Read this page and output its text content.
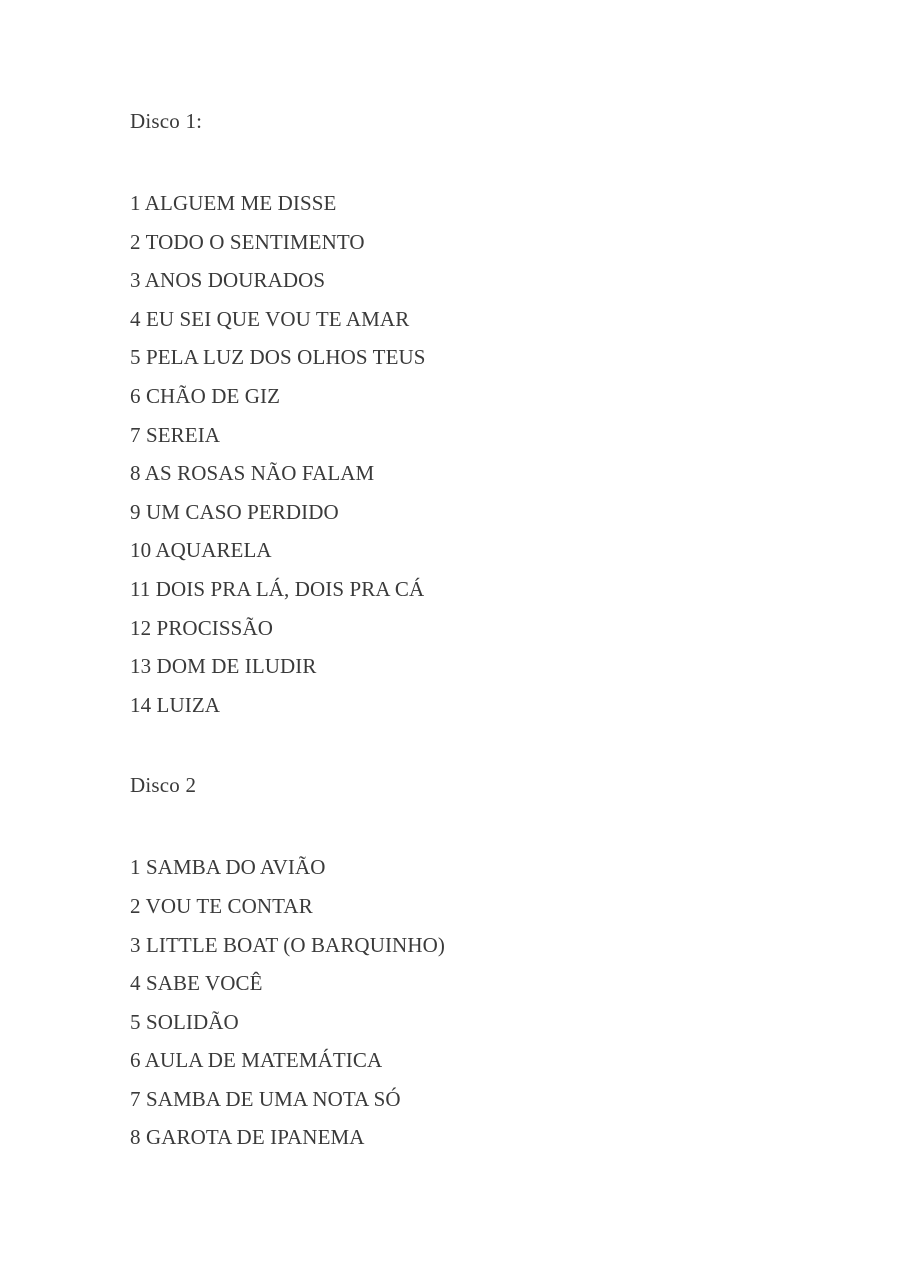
Disco 1:
1 ALGUEM ME DISSE
2 TODO O SENTIMENTO
3 ANOS DOURADOS
4 EU SEI QUE VOU TE AMAR
5 PELA LUZ DOS OLHOS TEUS
6 CHÃO DE GIZ
7 SEREIA
8 AS ROSAS NÃO FALAM
9 UM CASO PERDIDO
10 AQUARELA
11 DOIS PRA LÁ, DOIS PRA CÁ
12 PROCISSÃO
13 DOM DE ILUDIR
14 LUIZA
Disco 2
1 SAMBA DO AVIÃO
2 VOU TE CONTAR
3 LITTLE BOAT (O BARQUINHO)
4 SABE VOCÊ
5 SOLIDÃO
6 AULA DE MATEMÁTICA
7 SAMBA DE UMA NOTA SÓ
8 GAROTA DE IPANEMA
